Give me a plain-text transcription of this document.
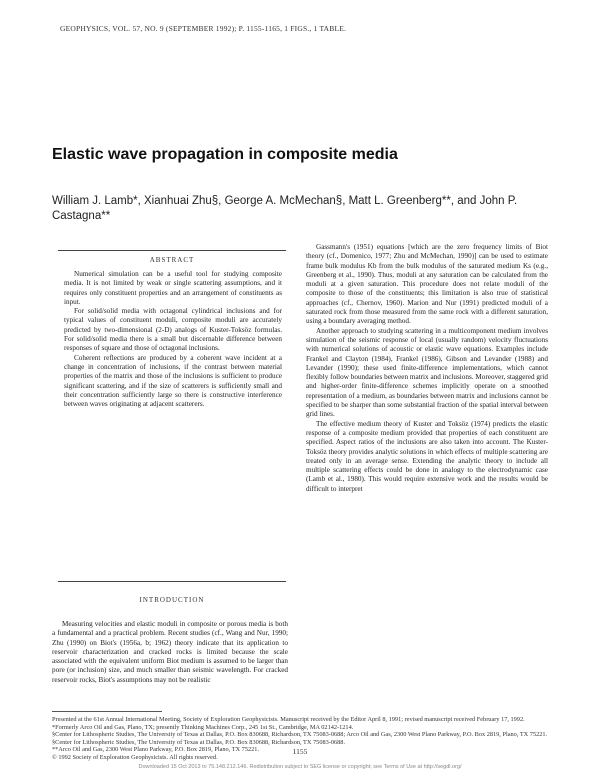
GEOPHYSICS, VOL. 57, NO. 9 (SEPTEMBER 1992); P. 1155-1165, 1 FIGS., 1 TABLE.
Elastic wave propagation in composite media
William J. Lamb*, Xianhuai Zhu§, George A. McMechan§, Matt L. Greenberg**, and John P. Castagna**
ABSTRACT

Numerical simulation can be a useful tool for studying composite media. It is not limited by weak or single scattering assumptions, and it requires only constituent properties and an arrangement of constituents as input.

For solid/solid media with octagonal cylindrical inclusions and for typical values of constituent moduli, composite moduli are accurately predicted by two-dimensional (2-D) analogs of Kuster-Toksöz formulas. For solid/solid media there is a small but discernable difference between responses of square and those of octagonal inclusions.

Coherent reflections are produced by a coherent wave incident at a change in concentration of inclusions, if the contrast between material properties of the matrix and those of the inclusions is sufficient to produce significant scattering, and if the size of scatterers is sufficiently small and their concentration sufficiently large so there is constructive interference between waves originating at adjacent scatterers.

INTRODUCTION

Measuring velocities and elastic moduli in composite or porous media is both a fundamental and a practical problem. Recent studies (cf., Wang and Nur, 1990; Zhu (1990) on Biot's (1956a, b; 1962) theory indicate that its application to reservoir characterization and cracked rocks is limited because the scale associated with the equivalent uniform Biot medium is assumed to be larger than pore (or inclusion) size, and much smaller than seismic wavelength. For cracked reservoir rocks, Biot's assumptions may not be realistic

Gassmann's (1951) equations [which are the zero frequency limits of Biot theory (cf., Domenico, 1977; Zhu and McMechan, 1990)] can be used to estimate frame bulk modulus Kb from the bulk modulus of the saturated medium Ks (e.g., Greenberg et al., 1990). Thus, moduli at any saturation can be calculated from the moduli at a given saturation. This procedure does not relate moduli of the composite to those of the constituents; this limitation is also true of statistical approaches (cf., Chernov, 1960). Marion and Nur (1991) predicted moduli of a saturated rock from those measured from the same rock with a different saturation, using a boundary averaging method.

Another approach to studying scattering in a multicomponent medium involves simulation of the seismic response of local (usually random) velocity fluctuations with numerical solutions of acoustic or elastic wave equations. Examples include Frankel and Clayton (1984), Frankel (1986), Gibson and Levander (1988) and Levander (1990); these used finite-difference implementations, which cannot flexibly follow boundaries between matrix and inclusions. Moreover, staggered grid and higher-order finite-difference schemes implicitly operate on a smoothed representation of a medium, as boundaries between matrix and inclusions cannot be specified to be sharper than some substantial fraction of the spatial interval between grid lines.

The effective medium theory of Kuster and Toksöz (1974) predicts the elastic response of a composite medium provided that properties of each constituent are specified. Aspect ratios of the inclusions are also taken into account. The Kuster-Toksöz theory provides analytic solutions in which effects of multiple scattering are treated only in an average sense. Extending the analytic theory to include all multiple scattering effects could be done in analogy to the electrodynamic case (Lamb et al., 1980). This would require extensive work and the results would be difficult to interpret

Presented at the 61st Annual International Meeting, Society of Exploration Geophysicists. Manuscript received by the Editor April 8, 1991; revised manuscript received February 17, 1992.
*Formerly Arco Oil and Gas, Plano, TX; presently Thinking Machines Corp., 245 1st St., Cambridge, MA 02142-1214.
§Center for Lithospheric Studies, The University of Texas at Dallas, P.O. Box 830688, Richardson, TX 75083-0688; Arco Oil and Gas, 2300 West Plano Parkway, P.O. Box 2819, Plano, TX 75221.
§Center for Lithospheric Studies, The University of Texas at Dallas, P.O. Box 830688, Richardson, TX 75083-0688.
**Arco Oil and Gas, 2300 West Plano Parkway, P.O. Box 2819, Plano, TX 75221.
© 1992 Society of Exploration Geophysicists. All rights reserved.
1155
Downloaded 15 Oct 2013 to 75.148.212.146. Redistribution subject to SEG license or copyright; see Terms of Use at http://segdl.org/
